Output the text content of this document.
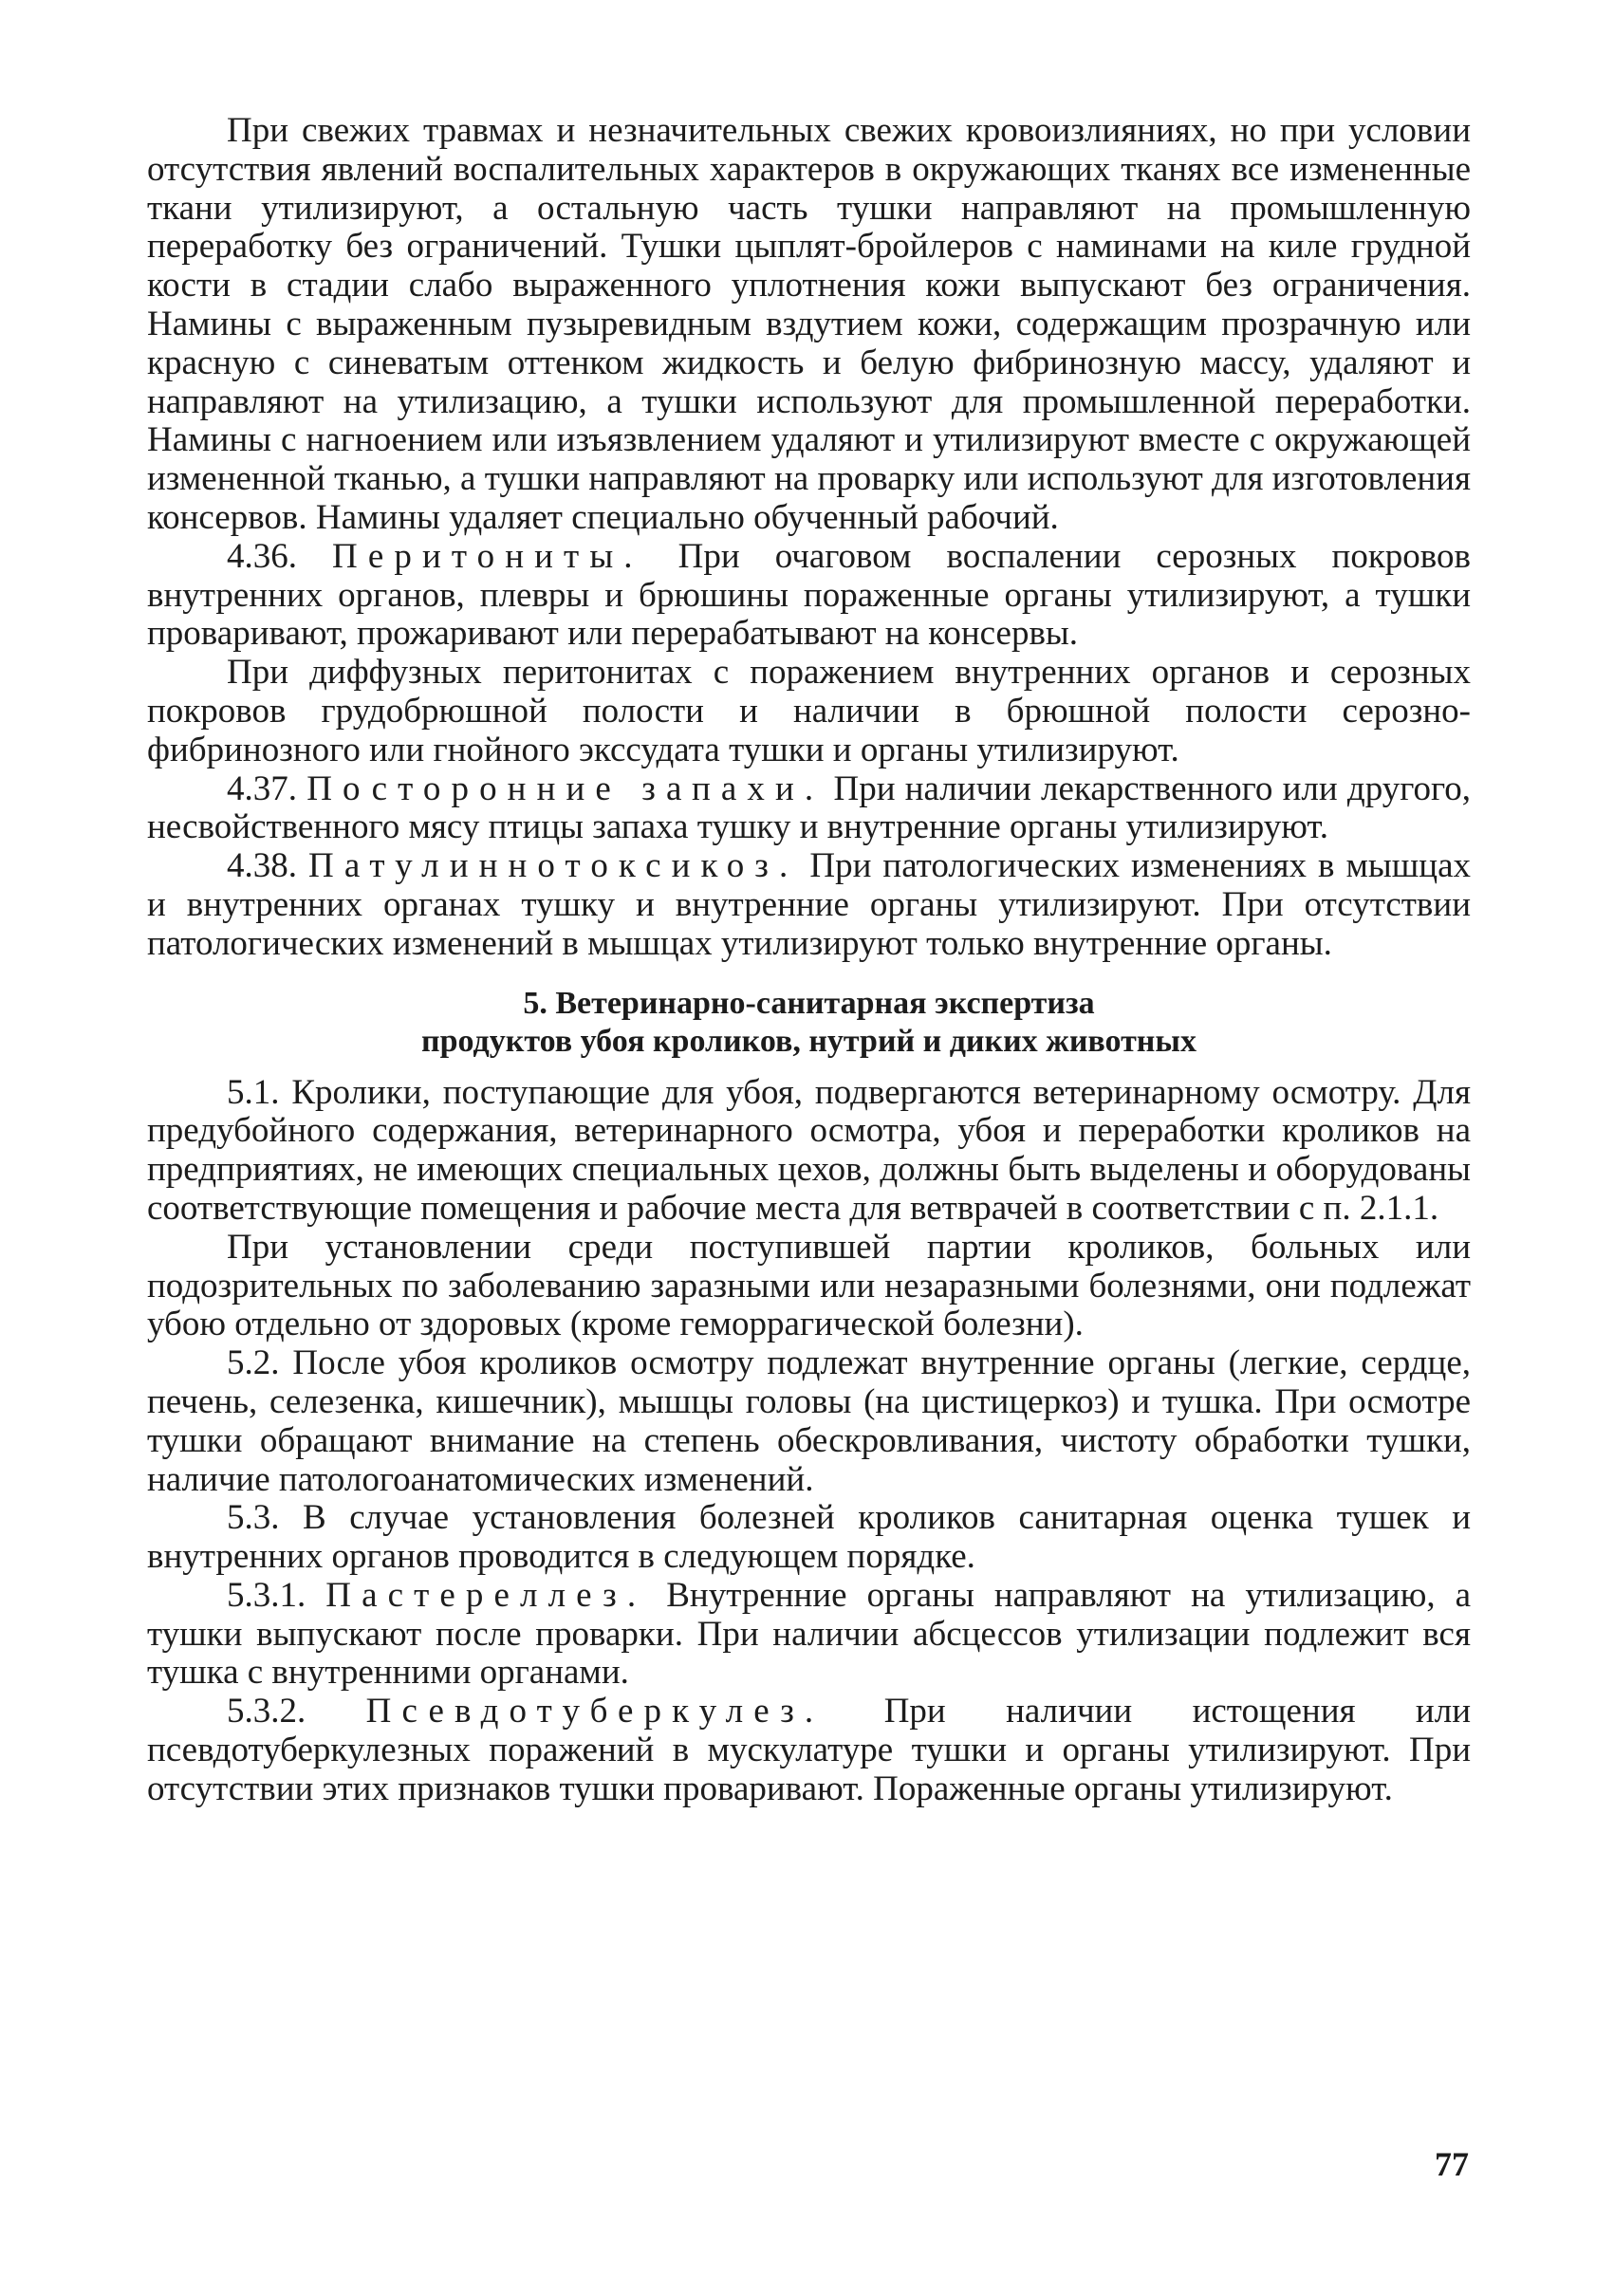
При свежих травмах и незначительных свежих кровоизлияниях, но при условии отсутствия явлений воспалительных характеров в окружающих тканях все измененные ткани утилизируют, а остальную часть тушки направляют на промышленную переработку без ограничений. Тушки цыплят-бройлеров с наминами на киле грудной кости в стадии слабо выраженного уплотнения кожи выпускают без ограничения. Намины с выраженным пузыревидным вздутием кожи, содержащим прозрачную или красную с синеватым оттенком жидкость и белую фибринозную массу, удаляют и направляют на утилизацию, а тушки используют для промышленной переработки. Намины с нагноением или изъязвлением удаляют и утилизируют вместе с окружающей измененной тканью, а тушки направляют на проварку или используют для изготовления консервов. Намины удаляет специально обученный рабочий.

4.36. Перитониты. При очаговом воспалении серозных покровов внутренних органов, плевры и брюшины пораженные органы утилизируют, а тушки проваривают, прожаривают или перерабатывают на консервы.

При диффузных перитонитах с поражением внутренних органов и серозных покровов грудобрюшной полости и наличии в брюшной полости серозно-фибринозного или гнойного экссудата тушки и органы утилизируют.

4.37. Посторонние запахи. При наличии лекарственного или другого, несвойственного мясу птицы запаха тушку и внутренние органы утилизируют.

4.38. Патулиннотоксикоз. При патологических изменениях в мышцах и внутренних органах тушку и внутренние органы утилизируют. При отсутствии патологических изменений в мышцах утилизируют только внутренние органы.

5. Ветеринарно-санитарная экспертиза
продуктов убоя кроликов, нутрий и диких животных

5.1. Кролики, поступающие для убоя, подвергаются ветеринарному осмотру. Для предубойного содержания, ветеринарного осмотра, убоя и переработки кроликов на предприятиях, не имеющих специальных цехов, должны быть выделены и оборудованы соответствующие помещения и рабочие места для ветврачей в соответствии с п. 2.1.1.

При установлении среди поступившей партии кроликов, больных или подозрительных по заболеванию заразными или незаразными болезнями, они подлежат убою отдельно от здоровых (кроме геморрагической болезни).

5.2. После убоя кроликов осмотру подлежат внутренние органы (легкие, сердце, печень, селезенка, кишечник), мышцы головы (на цистицеркоз) и тушка. При осмотре тушки обращают внимание на степень обескровливания, чистоту обработки тушки, наличие патологоанатомических изменений.

5.3. В случае установления болезней кроликов санитарная оценка тушек и внутренних органов проводится в следующем порядке.

5.3.1. Пастереллез. Внутренние органы направляют на утилизацию, а тушки выпускают после проварки. При наличии абсцессов утилизации подлежит вся тушка с внутренними органами.

5.3.2. Псевдотуберкулез. При наличии истощения или псевдотуберкулезных поражений в мускулатуре тушки и органы утилизируют. При отсутствии этих признаков тушки проваривают. Пораженные органы утилизируют.

77
